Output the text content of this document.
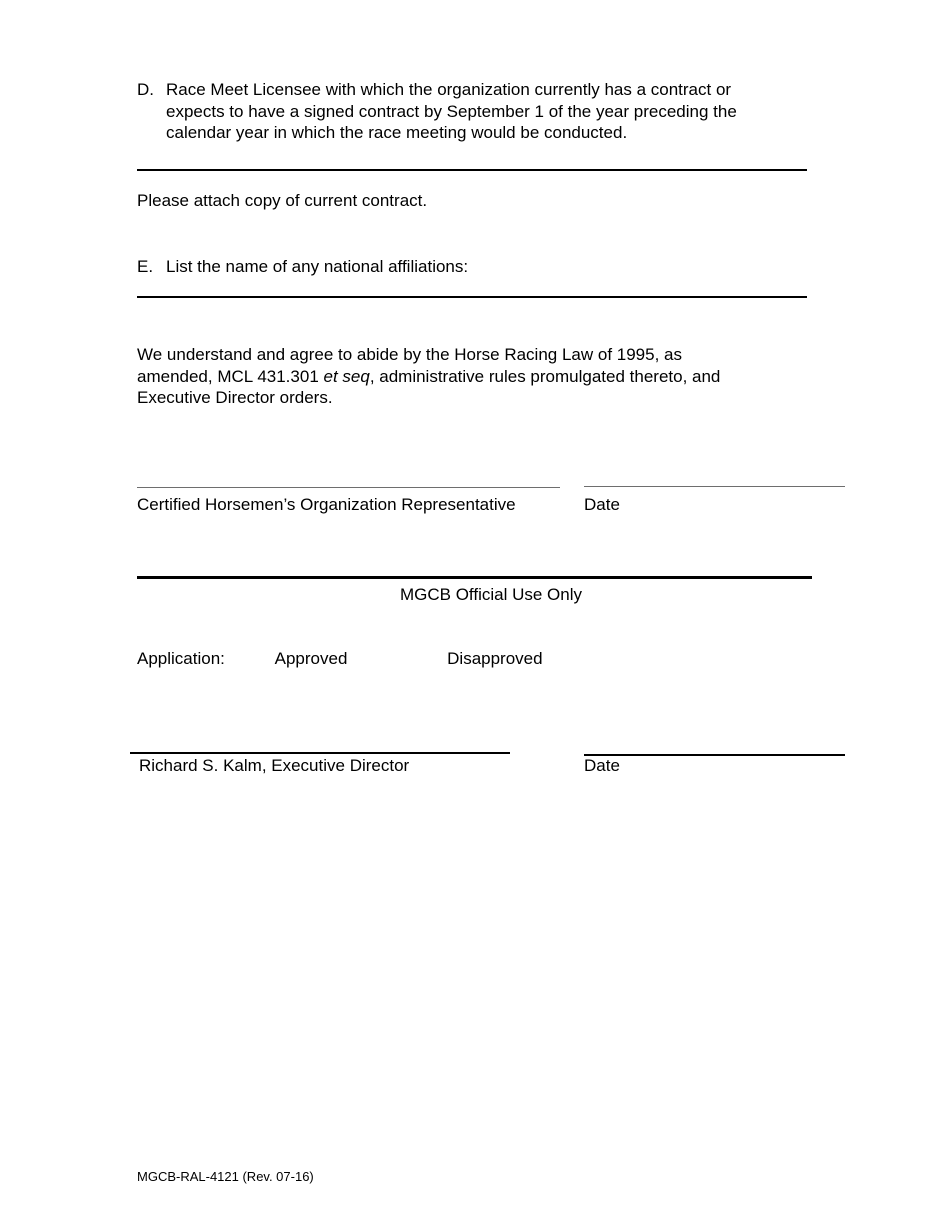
D. Race Meet Licensee with which the organization currently has a contract or
expects to have a signed contract by September 1 of the year preceding the
calendar year in which the race meeting would be conducted.
Please attach copy of current contract.
E. List the name of any national affiliations:
We understand and agree to abide by the Horse Racing Law of 1995, as
amended, MCL 431.301 et seq, administrative rules promulgated thereto, and
Executive Director orders.
Certified Horsemen’s Organization Representative	Date
MGCB Official Use Only
Application:	Approved	Disapproved
Richard S. Kalm, Executive Director	Date
MGCB-RAL-4121 (Rev. 07-16)
